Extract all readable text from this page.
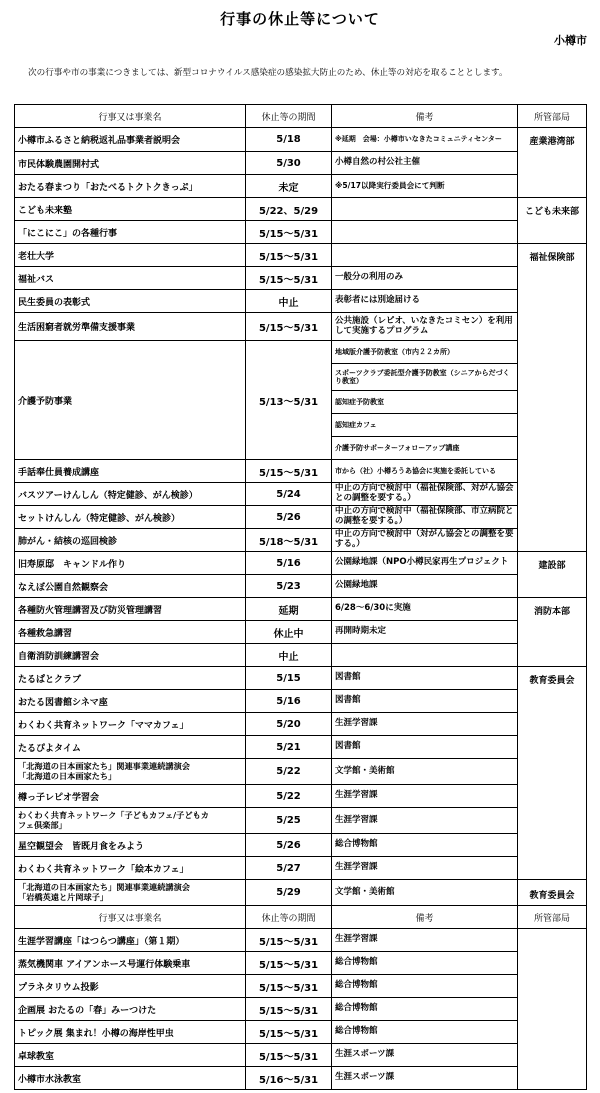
行事の休止等について
小樽市
次の行事や市の事業につきましては、新型コロナウイルス感染症の感染拡大防止のため、休止等の対応を取ることとします。
行事又は事業名	休止等の期間	備考	所管部局	
小樽市ふるさと納税返礼品事業者説明会	5/18	※延期　会場：小樽市いなきたコミュニティセンター	産業港湾部	
市民体験農園開村式	5/30	小樽自然の村公社主催		
おたる春まつり「おたべるトクトクきっぷ」	未定	※5/17以降実行委員会にて判断		
こども未来塾	5/22、5/29		こども未来部	
「にこにこ」の各種行事	5/15～5/31			
老壮大学	5/15～5/31		福祉保険部	
福祉バス	5/15～5/31	一般分の利用のみ		
民生委員の表彰式	中止	表彰者には別途届ける		
生活困窮者就労準備支援事業	5/15～5/31	公共施設（レピオ、いなきたコミセン）を利用して実施するプログラム		
介護予防事業	5/13～5/31	地域版介護予防教室（市内２２カ所）		
		スポーツクラブ委託型介護予防教室（シニアからだづくり教室）		
		認知症予防教室		
		認知症カフェ		
		介護予防サポーターフォローアップ講座		
手話奉仕員養成講座	5/15～5/31	市から（社）小樽ろうあ協会に実施を委託している		
バスツアーけんしん（特定健診、がん検診）	5/24	中止の方向で検討中（福祉保険部、対がん協会との調整を要する。）	
セットけんしん（特定健診、がん検診）	5/26	中止の方向で検討中（福祉保険部、市立病院との調整を要する。）		
肺がん・結核の巡回検診	5/18～5/31	中止の方向で検討中（対がん協会との調整を要する。）		
旧寿原邸　キャンドル作り	5/16	公園緑地課（NPO小樽民家再生プロジェクト	建設部	
なえぼ公園自然観察会	5/23	公園緑地課		
各種防火管理講習及び防災管理講習	延期	6/28～6/30に実施	消防本部	
各種救急講習	休止中	再開時期未定		
自衛消防訓練講習会	中止			
たるぱとクラブ	5/15	図書館	教育委員会	
おたる図書館シネマ座	5/16	図書館		
わくわく共育ネットワーク「ママカフェ」	5/20	生涯学習課		
たるぴよタイム	5/21	図書館		

「北海道の日本画家たち」関連事業連続講演会
「北海道の日本画家たち」	5/22	文学館・美術館		
樽っ子レピオ学習会	5/22	生涯学習課		

わくわく共育ネットワーク「子どもカフェ/子どもカ
フェ倶楽部」	5/25	生涯学習課		
星空観望会　皆既月食をみよう	5/26	総合博物館		
わくわく共育ネットワーク「絵本カフェ」	5/27	生涯学習課		

「北海道の日本画家たち」関連事業連続講演会
「岩橋英遠と片岡球子」	5/29	文学館・美術館	教育委員会	
行事又は事業名	休止等の期間	備考	所管部局	
生涯学習講座「はつらつ講座」（第１期）	5/15～5/31	生涯学習課		
蒸気機関車 アイアンホース号運行体験乗車	5/15～5/31	総合博物館		
プラネタリウム投影	5/15～5/31	総合博物館		
企画展 おたるの「春」みーつけた	5/15～5/31	総合博物館		
トピック展 集まれ！小樽の海岸性甲虫	5/15～5/31	総合博物館		
卓球教室	5/15～5/31	生涯スポーツ課		
小樽市水泳教室	5/16～5/31	生涯スポーツ課		
